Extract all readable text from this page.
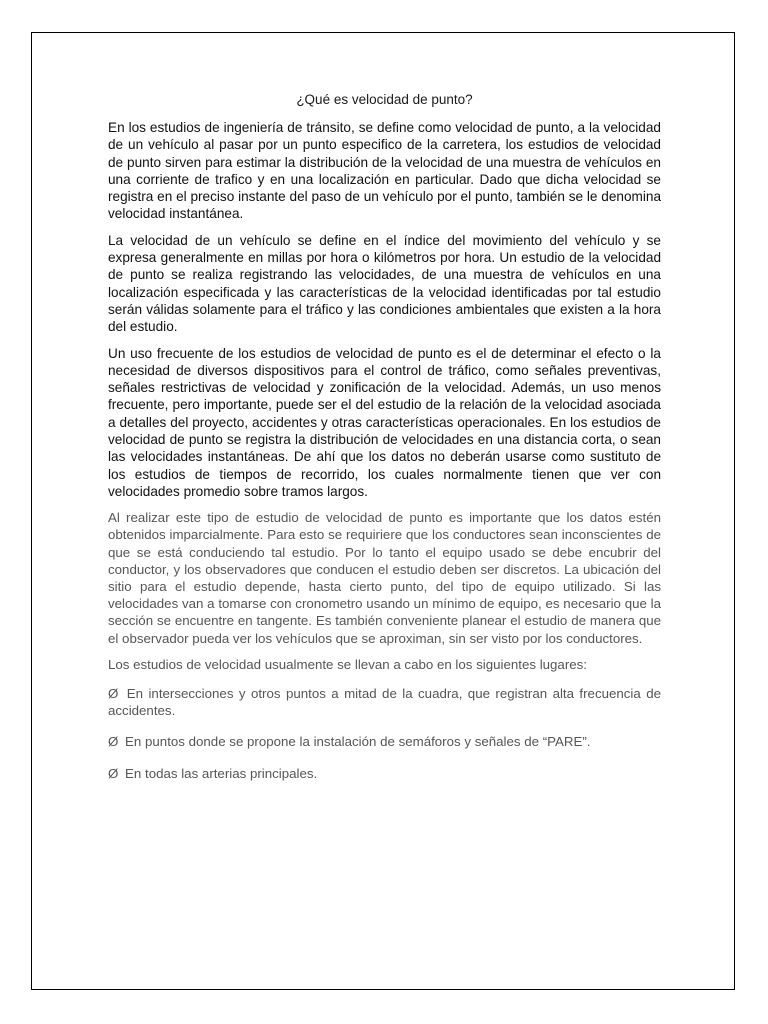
¿Qué es velocidad de punto?

En los estudios de ingeniería de tránsito, se define como velocidad de punto, a la velocidad de un vehículo al pasar por un punto especifico de la carretera, los estudios de velocidad de punto sirven para estimar la distribución de la velocidad de una muestra de vehículos en una corriente de trafico y en una localización en particular. Dado que dicha velocidad se registra en el preciso instante del paso de un vehículo por el punto, también se le denomina velocidad instantánea.

La velocidad de un vehículo se define en el índice del movimiento del vehículo y se expresa generalmente en millas por hora o kilómetros por hora. Un estudio de la velocidad de punto se realiza registrando las velocidades, de una muestra de vehículos en una localización especificada y las características de la velocidad identificadas por tal estudio serán válidas solamente para el tráfico y las condiciones ambientales que existen a la hora del estudio.

Un uso frecuente de los estudios de velocidad de punto es el de determinar el efecto o la necesidad de diversos dispositivos para el control de tráfico, como señales preventivas, señales restrictivas de velocidad y zonificación de la velocidad. Además, un uso menos frecuente, pero importante, puede ser el del estudio de la relación de la velocidad asociada a detalles del proyecto, accidentes y otras características operacionales. En los estudios de velocidad de punto se registra la distribución de velocidades en una distancia corta, o sean las velocidades instantáneas. De ahí que los datos no deberán usarse como sustituto de los estudios de tiempos de recorrido, los cuales normalmente tienen que ver con velocidades promedio sobre tramos largos.

Al realizar este tipo de estudio de velocidad de punto es importante que los datos estén obtenidos imparcialmente. Para esto se requiriere que los conductores sean inconscientes de que se está conduciendo tal estudio. Por lo tanto el equipo usado se debe encubrir del conductor, y los observadores que conducen el estudio deben ser discretos. La ubicación del sitio para el estudio depende, hasta cierto punto, del tipo de equipo utilizado. Si las velocidades van a tomarse con cronometro usando un mínimo de equipo, es necesario que la sección se encuentre en tangente. Es también conveniente planear el estudio de manera que el observador pueda ver los vehículos que se aproximan, sin ser visto por los conductores.

Los estudios de velocidad usualmente se llevan a cabo en los siguientes lugares:

Ø En intersecciones y otros puntos a mitad de la cuadra, que registran alta frecuencia de accidentes.

Ø En puntos donde se propone la instalación de semáforos y señales de “PARE”.

Ø En todas las arterias principales.
